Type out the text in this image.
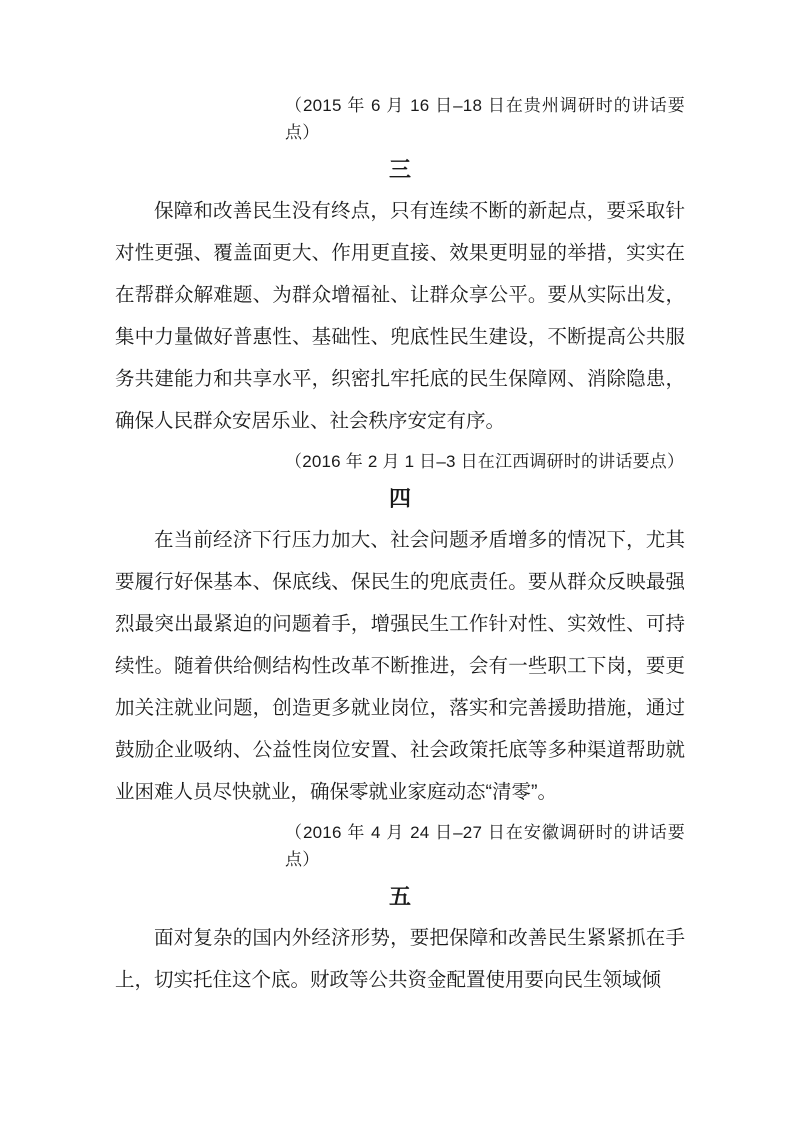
（2015 年 6 月 16 日–18 日在贵州调研时的讲话要点）
三
保障和改善民生没有终点，只有连续不断的新起点，要采取针对性更强、覆盖面更大、作用更直接、效果更明显的举措，实实在在帮群众解难题、为群众增福祉、让群众享公平。要从实际出发，集中力量做好普惠性、基础性、兜底性民生建设，不断提高公共服务共建能力和共享水平，织密扎牢托底的民生保障网、消除隐患，确保人民群众安居乐业、社会秩序安定有序。
（2016 年 2 月 1 日–3 日在江西调研时的讲话要点）
四
在当前经济下行压力加大、社会问题矛盾增多的情况下，尤其要履行好保基本、保底线、保民生的兜底责任。要从群众反映最强烈最突出最紧迫的问题着手，增强民生工作针对性、实效性、可持续性。随着供给侧结构性改革不断推进，会有一些职工下岗，要更加关注就业问题，创造更多就业岗位，落实和完善援助措施，通过鼓励企业吸纳、公益性岗位安置、社会政策托底等多种渠道帮助就业困难人员尽快就业，确保零就业家庭动态“清零”。
（2016 年 4 月 24 日–27 日在安徽调研时的讲话要点）
五
面对复杂的国内外经济形势，要把保障和改善民生紧紧抓在手上，切实托住这个底。财政等公共资金配置使用要向民生领域倾
